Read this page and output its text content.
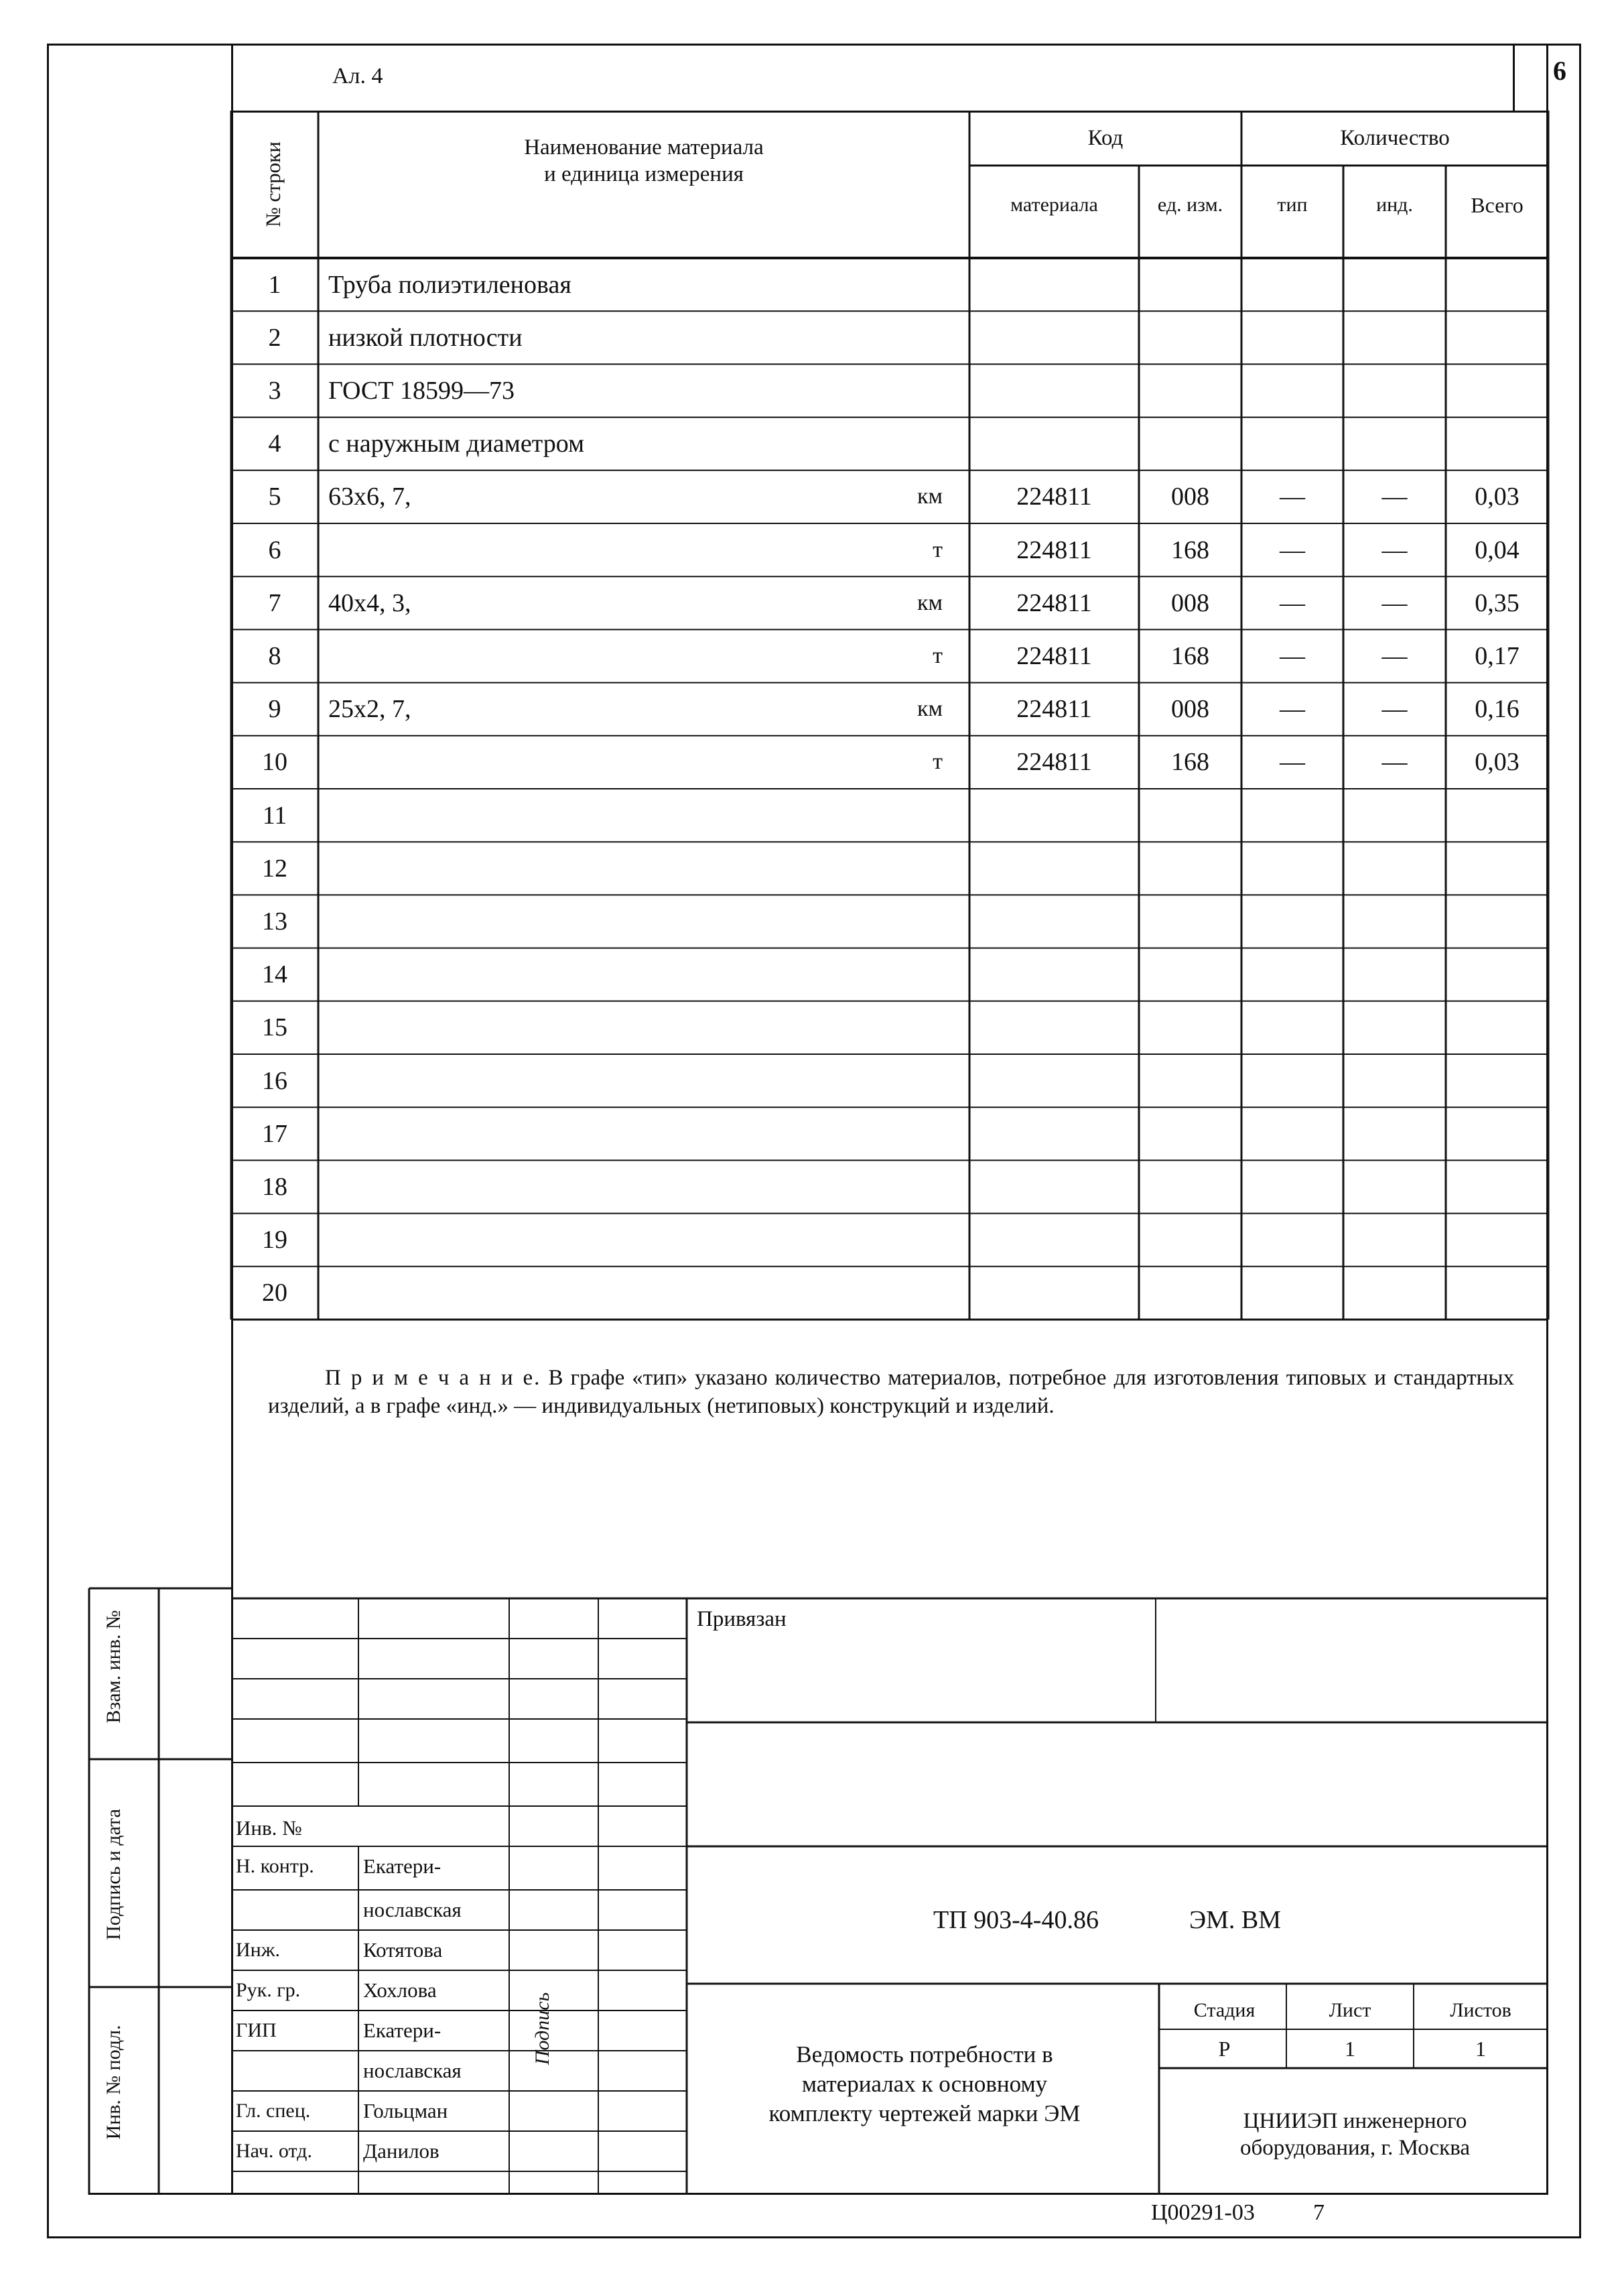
Ал. 4	6
№ строки	Наименование материала
и единица измерения
Код	Количество
материала	ед. изм.	тип	инд.	Всего
1	Труба полиэтиленовая
2	низкой плотности
3	ГОСТ 18599—73
4	с наружным диаметром
5	63х6, 7,	км	224811	008	—	—	0,03
6	т	224811	168	—	—	0,04
7	40х4, 3,	км	224811	008	—	—	0,35
8	т	224811	168	—	—	0,17
9	25х2, 7,	км	224811	008	—	—	0,16
10	т	224811	168	—	—	0,03
11
12
13
14
15
16
17
18
19
20
П р и м е ч а н и е. В графе «тип» указано количество материалов, потребное для изготовления типовых и стандартных изделий, а в графе «инд.» — индивидуальных (нетиповых) конструкций и изделий.
Взам. инв. №
Подпись и дата
Инв. № подл.
Привязан
Инв. №
Н. контр.	Екатери-
нославская
Инж.	Котятова
Рук. гр.	Хохлова
ГИП	Екатери-
нославская
Гл. спец.	Гольцман
Нач. отд.	Данилов
Подпись
ТП 903-4-40.86	ЭМ. ВМ
Ведомость потребности в
материалах к основному
комплекту чертежей марки ЭМ
Стадия	Лист	Листов
Р	1	1
ЦНИИЭП инженерного
оборудования, г. Москва
Ц00291-03	7
